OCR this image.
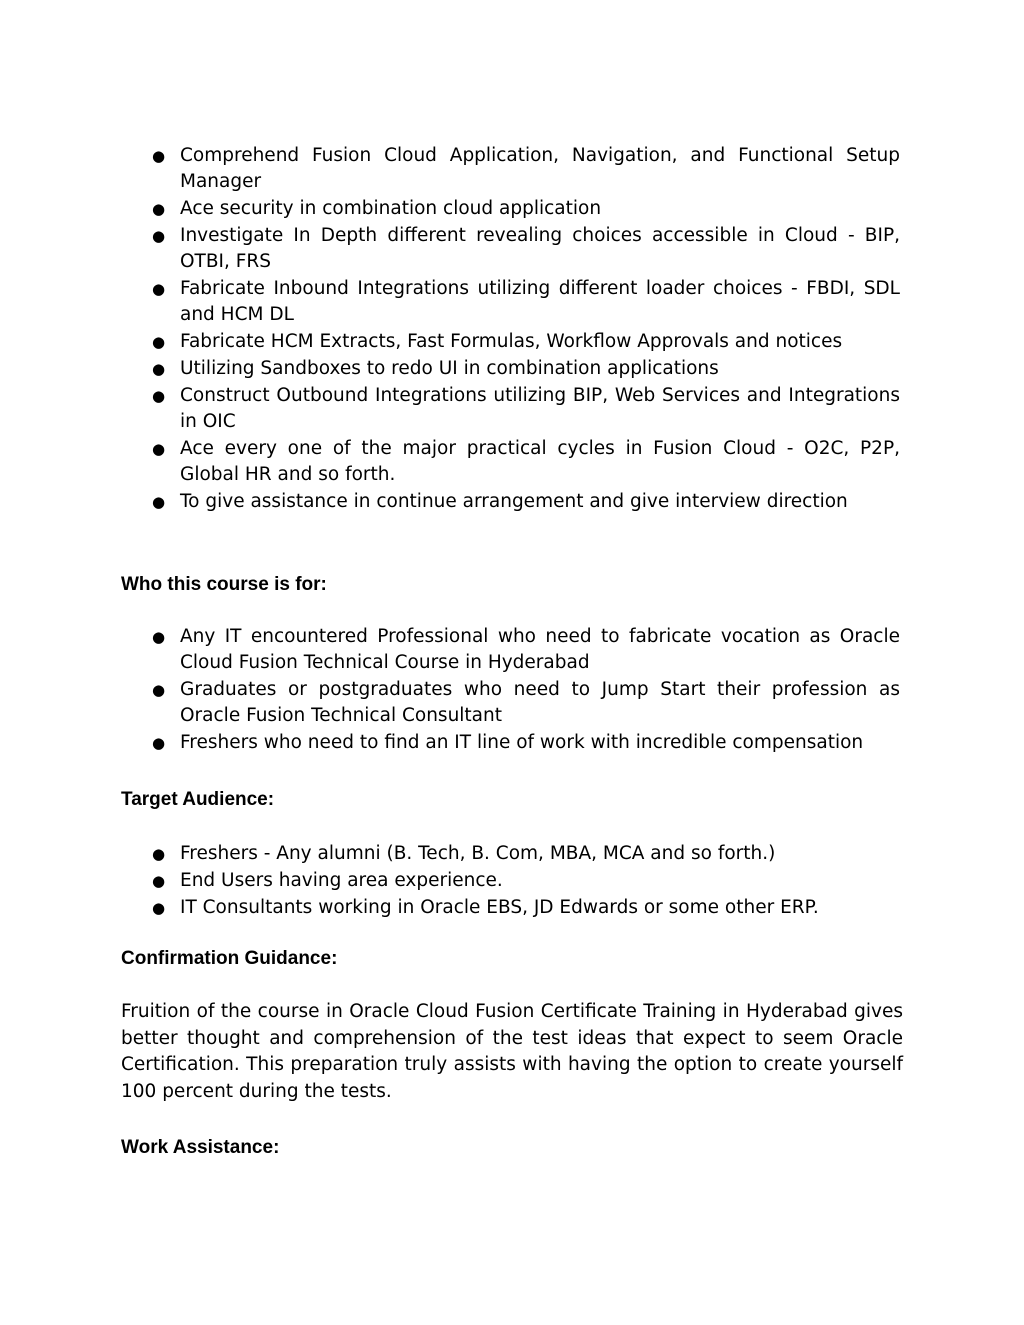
● Comprehend Fusion Cloud Application, Navigation, and Functional Setup Manager
● Ace security in combination cloud application
● Investigate In Depth different revealing choices accessible in Cloud - BIP, OTBI, FRS
● Fabricate Inbound Integrations utilizing different loader choices - FBDI, SDL and HCM DL
● Fabricate HCM Extracts, Fast Formulas, Workflow Approvals and notices
● Utilizing Sandboxes to redo UI in combination applications
● Construct Outbound Integrations utilizing BIP, Web Services and Integrations in OIC
● Ace every one of the major practical cycles in Fusion Cloud - O2C, P2P, Global HR and so forth.
● To give assistance in continue arrangement and give interview direction
Who this course is for:
● Any IT encountered Professional who need to fabricate vocation as Oracle Cloud Fusion Technical Course in Hyderabad
● Graduates or postgraduates who need to Jump Start their profession as Oracle Fusion Technical Consultant
● Freshers who need to find an IT line of work with incredible compensation
Target Audience:
● Freshers - Any alumni (B. Tech, B. Com, MBA, MCA and so forth.)
● End Users having area experience.
● IT Consultants working in Oracle EBS, JD Edwards or some other ERP.
Confirmation Guidance:

Fruition of the course in Oracle Cloud Fusion Certificate Training in Hyderabad gives better thought and comprehension of the test ideas that expect to seem Oracle Certification. This preparation truly assists with having the option to create yourself 100 percent during the tests.

Work Assistance:
